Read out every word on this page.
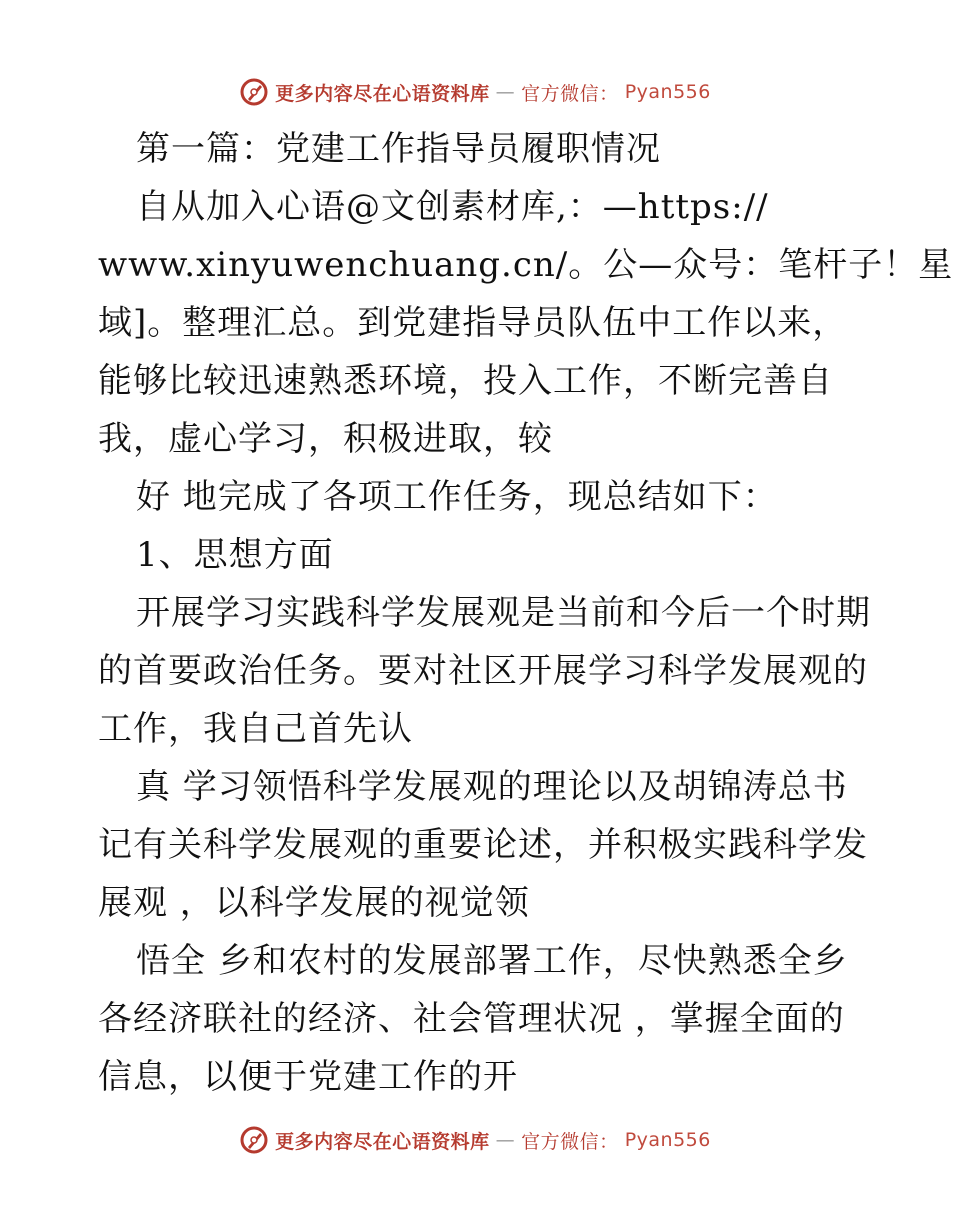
更多内容尽在心语资料库 — 官方微信： Pyan556
第一篇：党建工作指导员履职情况
自从加入心语@文创素材库,：—https://
www.xinyuwenchuang.cn/。公—众号：笔杆子！星
域]。整理汇总。到党建指导员队伍中工作以来，
能够比较迅速熟悉环境，投入工作，不断完善自
我，虚心学习，积极进取，较
好 地完成了各项工作任务，现总结如下：
1、思想方面
开展学习实践科学发展观是当前和今后一个时期
的首要政治任务。要对社区开展学习科学发展观的
工作，我自己首先认
真 学习领悟科学发展观的理论以及胡锦涛总书
记有关科学发展观的重要论述，并积极实践科学发
展观 ，以科学发展的视觉领
悟全 乡和农村的发展部署工作，尽快熟悉全乡
各经济联社的经济、社会管理状况 ，掌握全面的
信息，以便于党建工作的开
更多内容尽在心语资料库 — 官方微信： Pyan556
